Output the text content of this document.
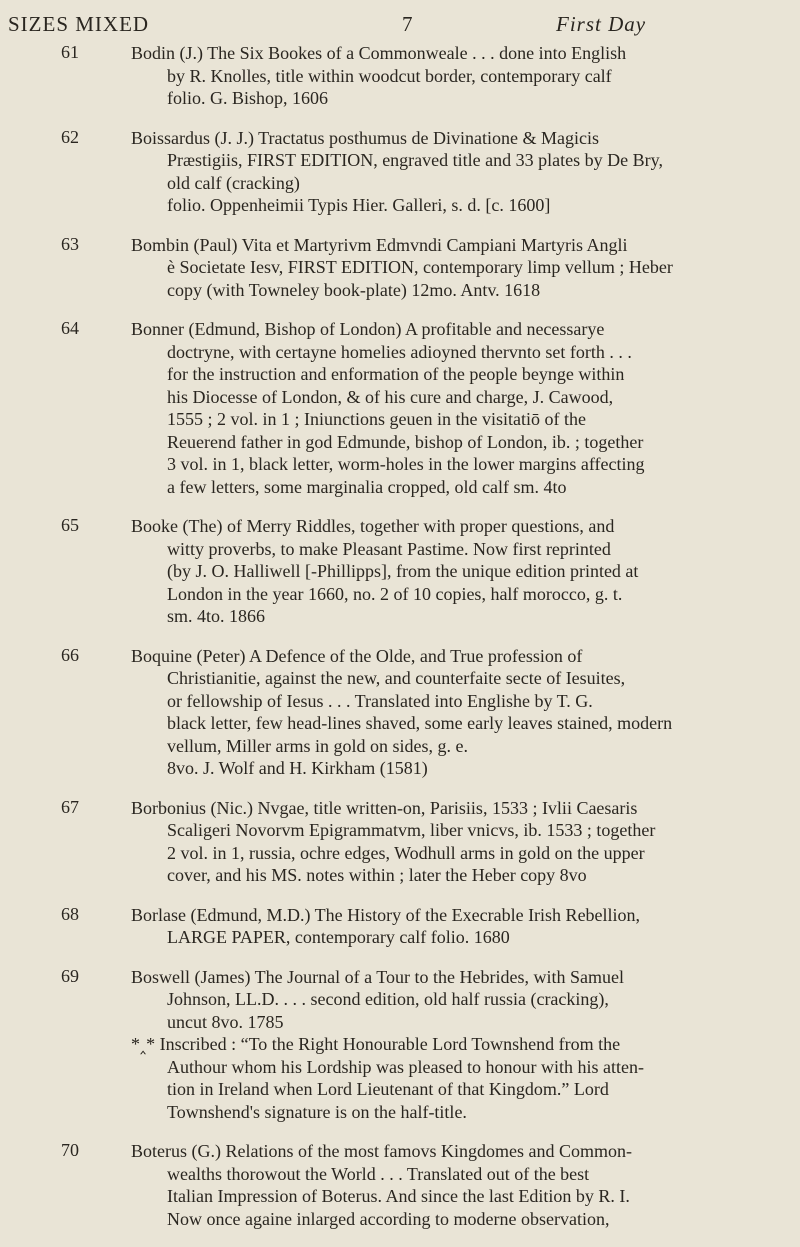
SIZES MIXED	7	First Day
61	Bodin (J.) The Six Bookes of a Commonweale . . . done into English
by R. Knolles, title within woodcut border, contemporary calf
folio. G. Bishop, 1606
62	Boissardus (J. J.) Tractatus posthumus de Divinatione & Magicis
Præstigiis, FIRST EDITION, engraved title and 33 plates by De Bry,
old calf (cracking)
folio. Oppenheimii Typis Hier. Galleri, s. d. [c. 1600]
63	Bombin (Paul) Vita et Martyrivm Edmvndi Campiani Martyris Angli
è Societate Iesv, FIRST EDITION, contemporary limp vellum ; Heber
copy (with Towneley book-plate) 12mo. Antv. 1618
64	Bonner (Edmund, Bishop of London) A profitable and necessarye
doctryne, with certayne homelies adioyned thervnto set forth . . .
for the instruction and enformation of the people beynge within
his Diocesse of London, & of his cure and charge, J. Cawood,
1555 ; 2 vol. in 1 ; Iniunctions geuen in the visitatiō of the
Reuerend father in god Edmunde, bishop of London, ib. ; together
3 vol. in 1, black letter, worm-holes in the lower margins affecting
a few letters, some marginalia cropped, old calf sm. 4to
65	Booke (The) of Merry Riddles, together with proper questions, and
witty proverbs, to make Pleasant Pastime. Now first reprinted
(by J. O. Halliwell [-Phillipps], from the unique edition printed at
London in the year 1660, no. 2 of 10 copies, half morocco, g. t.
sm. 4to. 1866
66	Boquine (Peter) A Defence of the Olde, and True profession of
Christianitie, against the new, and counterfaite secte of Iesuites,
or fellowship of Iesus . . . Translated into Englishe by T. G.
black letter, few head-lines shaved, some early leaves stained, modern
vellum, Miller arms in gold on sides, g. e.
8vo. J. Wolf and H. Kirkham (1581)
67	Borbonius (Nic.) Nvgae, title written-on, Parisiis, 1533 ; Ivlii Caesaris
Scaligeri Novorvm Epigrammatvm, liber vnicvs, ib. 1533 ; together
2 vol. in 1, russia, ochre edges, Wodhull arms in gold on the upper
cover, and his MS. notes within ; later the Heber copy 8vo
68	Borlase (Edmund, M.D.) The History of the Execrable Irish Rebellion,
LARGE PAPER, contemporary calf folio. 1680
69	Boswell (James) The Journal of a Tour to the Hebrides, with Samuel
Johnson, LL.D. . . . second edition, old half russia (cracking),
uncut 8vo. 1785
*‸* Inscribed : “To the Right Honourable Lord Townshend from the
Authour whom his Lordship was pleased to honour with his atten-
tion in Ireland when Lord Lieutenant of that Kingdom.” Lord
Townshend's signature is on the half-title.
70	Boterus (G.) Relations of the most famovs Kingdomes and Common-
wealths thorowout the World . . . Translated out of the best
Italian Impression of Boterus. And since the last Edition by R. I.
Now once againe inlarged according to moderne observation,
